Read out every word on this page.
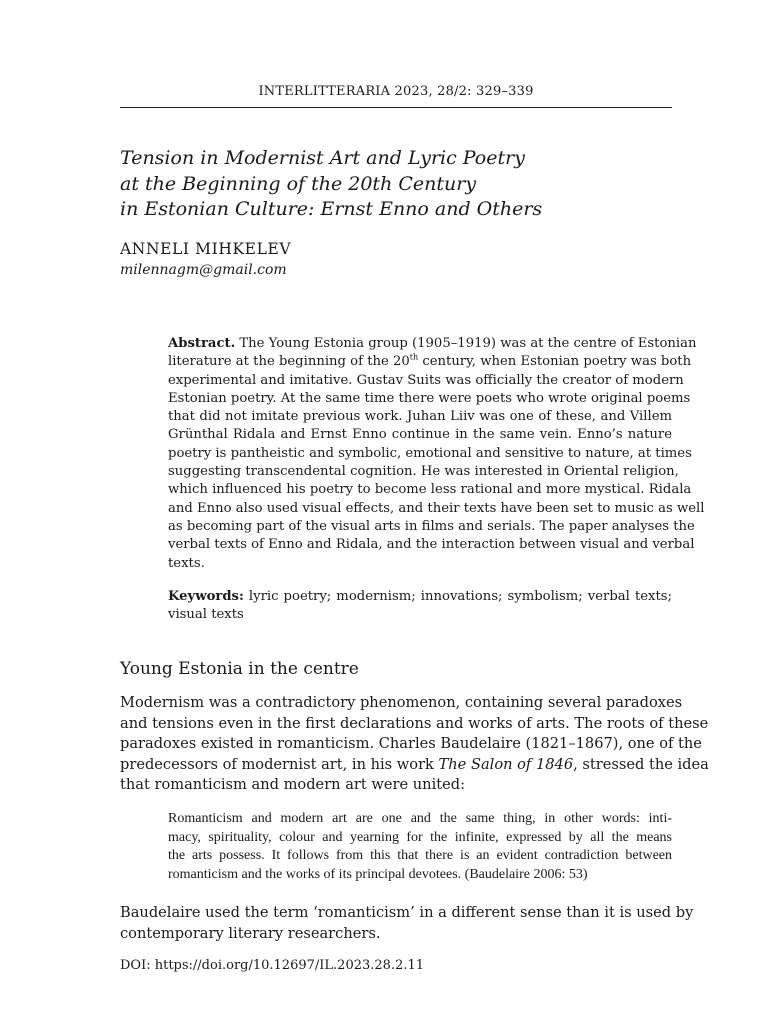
INTERLITTERARIA 2023, 28/2: 329–339
Tension in Modernist Art and Lyric Poetry
at the Beginning of the 20th Century
in Estonian Culture: Ernst Enno and Others
ANNELI MIHKELEV
milennagm@gmail.com
Abstract. The Young Estonia group (1905–1919) was at the centre of Estonian
literature at the beginning of the 20th century, when Estonian poetry was both
experimental and imitative. Gustav Suits was officially the creator of modern
Estonian poetry. At the same time there were poets who wrote original poems
that did not imitate previous work. Juhan Liiv was one of these, and Villem
Grünthal Ridala and Ernst Enno continue in the same vein. Enno’s nature
poetry is pantheistic and symbolic, emotional and sensitive to nature, at times
suggesting transcendental cognition. He was interested in Oriental religion,
which influenced his poetry to become less rational and more mystical. Ridala
and Enno also used visual effects, and their texts have been set to music as well
as becoming part of the visual arts in films and serials. The paper analyses the
verbal texts of Enno and Ridala, and the interaction between visual and verbal
texts.
Keywords: lyric poetry; modernism; innovations; symbolism; verbal texts;
visual texts
Young Estonia in the centre
Modernism was a contradictory phenomenon, containing several paradoxes
and tensions even in the first declarations and works of arts. The roots of these
paradoxes existed in romanticism. Charles Baudelaire (1821–1867), one of the
predecessors of modernist art, in his work The Salon of 1846, stressed the idea
that romanticism and modern art were united:
Romanticism and modern art are one and the same thing, in other words: inti-
macy, spirituality, colour and yearning for the infinite, expressed by all the means
the arts possess. It follows from this that there is an evident contradiction between
romanticism and the works of its principal devotees. (Baudelaire 2006: 53)
Baudelaire used the term ‘romanticism’ in a different sense than it is used by
contemporary literary researchers.
DOI: https://doi.org/10.12697/IL.2023.28.2.11
